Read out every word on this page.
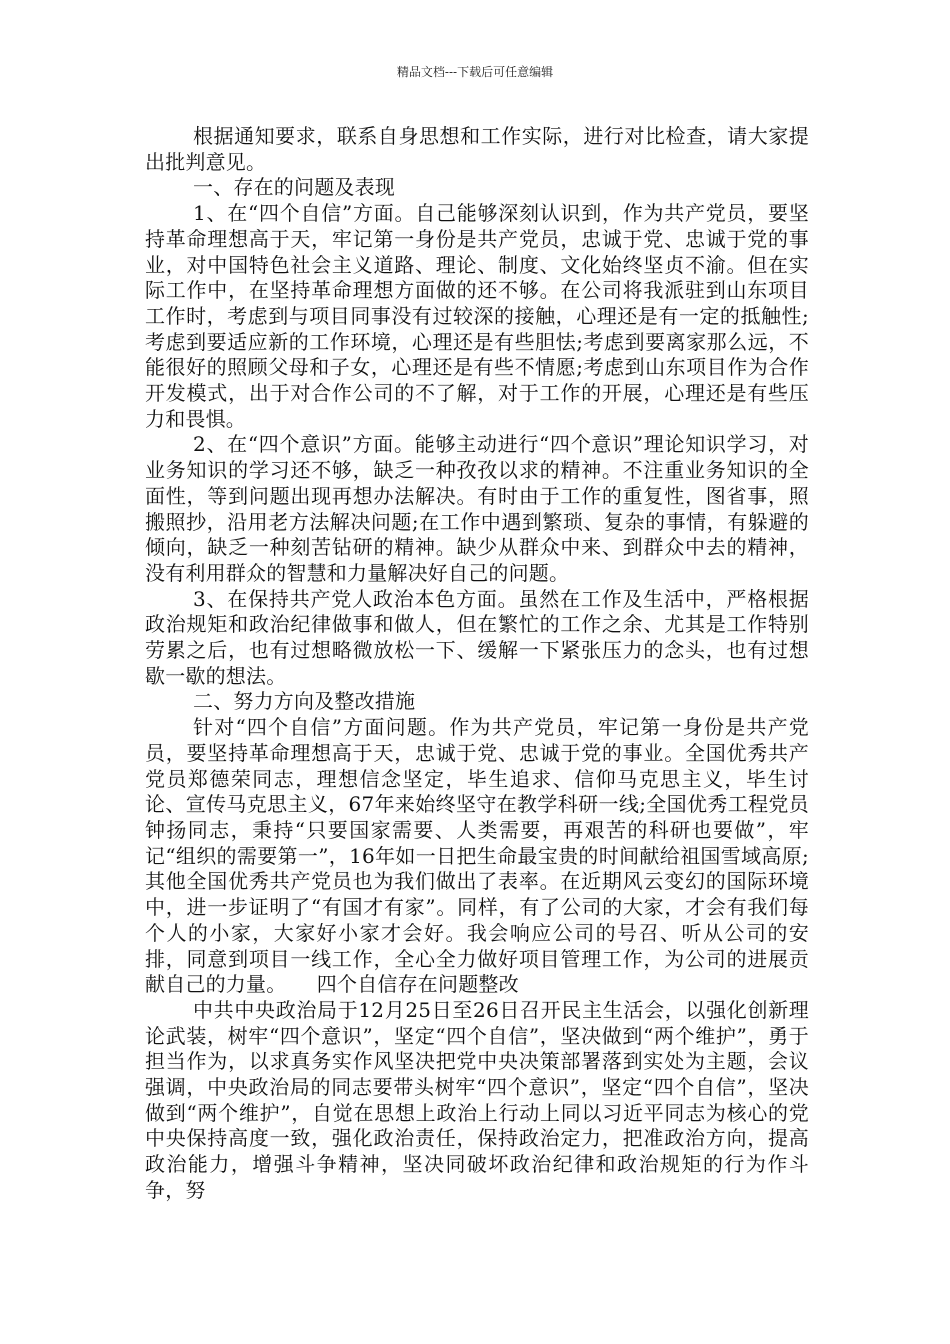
精品文档---下载后可任意编辑

根据通知要求，联系自身思想和工作实际，进行对比检查，请大家提出批判意见。

一、存在的问题及表现

1、在“四个自信”方面。自己能够深刻认识到，作为共产党员，要坚持革命理想高于天，牢记第一身份是共产党员，忠诚于党、忠诚于党的事业，对中国特色社会主义道路、理论、制度、文化始终坚贞不渝。但在实际工作中，在坚持革命理想方面做的还不够。在公司将我派驻到山东项目工作时，考虑到与项目同事没有过较深的接触，心理还是有一定的抵触性;考虑到要适应新的工作环境，心理还是有些胆怯;考虑到要离家那么远，不能很好的照顾父母和子女，心理还是有些不情愿;考虑到山东项目作为合作开发模式，出于对合作公司的不了解，对于工作的开展，心理还是有些压力和畏惧。

2、在“四个意识”方面。能够主动进行“四个意识”理论知识学习，对业务知识的学习还不够，缺乏一种孜孜以求的精神。不注重业务知识的全面性，等到问题出现再想办法解决。有时由于工作的重复性，图省事，照搬照抄，沿用老方法解决问题;在工作中遇到繁琐、复杂的事情，有躲避的倾向，缺乏一种刻苦钻研的精神。缺少从群众中来、到群众中去的精神，没有利用群众的智慧和力量解决好自己的问题。

3、在保持共产党人政治本色方面。虽然在工作及生活中，严格根据政治规矩和政治纪律做事和做人，但在繁忙的工作之余、尤其是工作特别劳累之后，也有过想略微放松一下、缓解一下紧张压力的念头，也有过想歇一歇的想法。

二、努力方向及整改措施

针对“四个自信”方面问题。作为共产党员，牢记第一身份是共产党员，要坚持革命理想高于天，忠诚于党、忠诚于党的事业。全国优秀共产党员郑德荣同志，理想信念坚定，毕生追求、信仰马克思主义，毕生讨论、宣传马克思主义，67年来始终坚守在教学科研一线;全国优秀工程党员钟扬同志，秉持“只要国家需要、人类需要，再艰苦的科研也要做”，牢记“组织的需要第一”，16年如一日把生命最宝贵的时间献给祖国雪域高原;其他全国优秀共产党员也为我们做出了表率。在近期风云变幻的国际环境中，进一步证明了“有国才有家”。同样，有了公司的大家，才会有我们每个人的小家，大家好小家才会好。我会响应公司的号召、听从公司的安排，同意到项目一线工作，全心全力做好项目管理工作，为公司的进展贡献自己的力量。　　四个自信存在问题整改

中共中央政治局于12月25日至26日召开民主生活会，以强化创新理论武装，树牢“四个意识”，坚定“四个自信”，坚决做到“两个维护”，勇于担当作为，以求真务实作风坚决把党中央决策部署落到实处为主题，会议强调，中央政治局的同志要带头树牢“四个意识”，坚定“四个自信”，坚决做到“两个维护”，自觉在思想上政治上行动上同以习近平同志为核心的党中央保持高度一致，强化政治责任，保持政治定力，把准政治方向，提高政治能力，增强斗争精神，坚决同破坏政治纪律和政治规矩的行为作斗争，努
